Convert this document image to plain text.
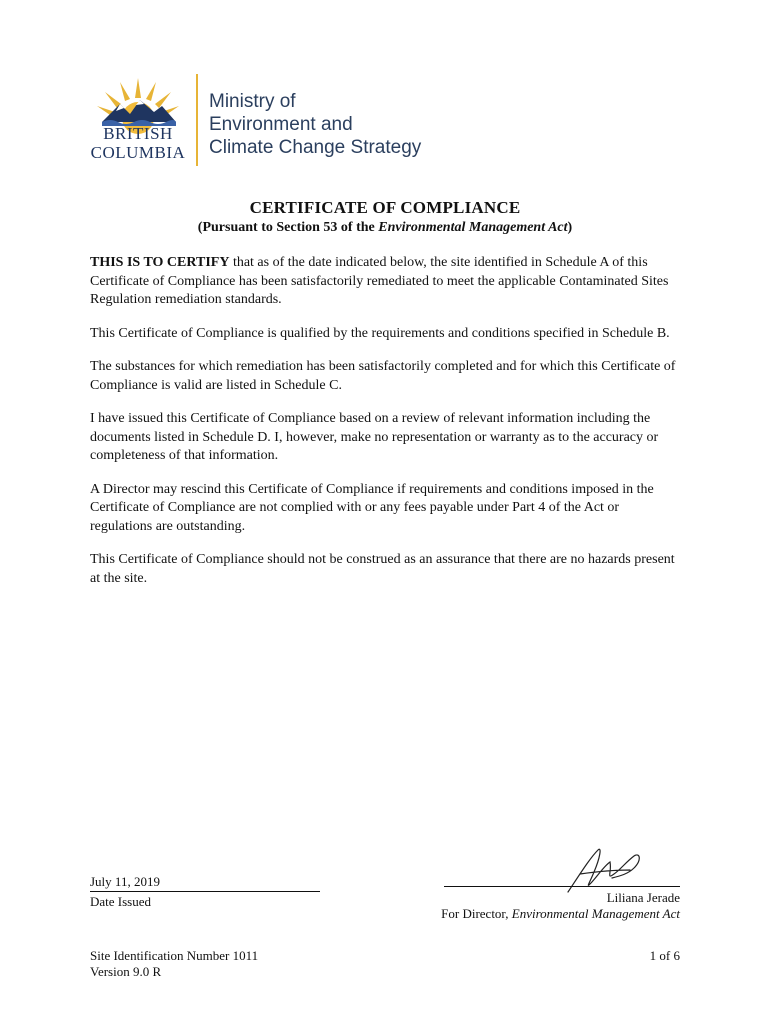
BRITISH
COLUMBIA
Ministry of
Environment and
Climate Change Strategy
CERTIFICATE OF COMPLIANCE
(Pursuant to Section 53 of the Environmental Management Act)

THIS IS TO CERTIFY that as of the date indicated below, the site identified in Schedule A of this Certificate of Compliance has been satisfactorily remediated to meet the applicable Contaminated Sites Regulation remediation standards.

This Certificate of Compliance is qualified by the requirements and conditions specified in Schedule B.

The substances for which remediation has been satisfactorily completed and for which this Certificate of Compliance is valid are listed in Schedule C.

I have issued this Certificate of Compliance based on a review of relevant information including the documents listed in Schedule D. I, however, make no representation or warranty as to the accuracy or completeness of that information.

A Director may rescind this Certificate of Compliance if requirements and conditions imposed in the Certificate of Compliance are not complied with or any fees payable under Part 4 of the Act or regulations are outstanding.

This Certificate of Compliance should not be construed as an assurance that there are no hazards present at the site.

July 11, 2019
Date Issued	Liliana Jerade
For Director, Environmental Management Act
Site Identification Number 1011
Version 9.0 R
1 of 6
